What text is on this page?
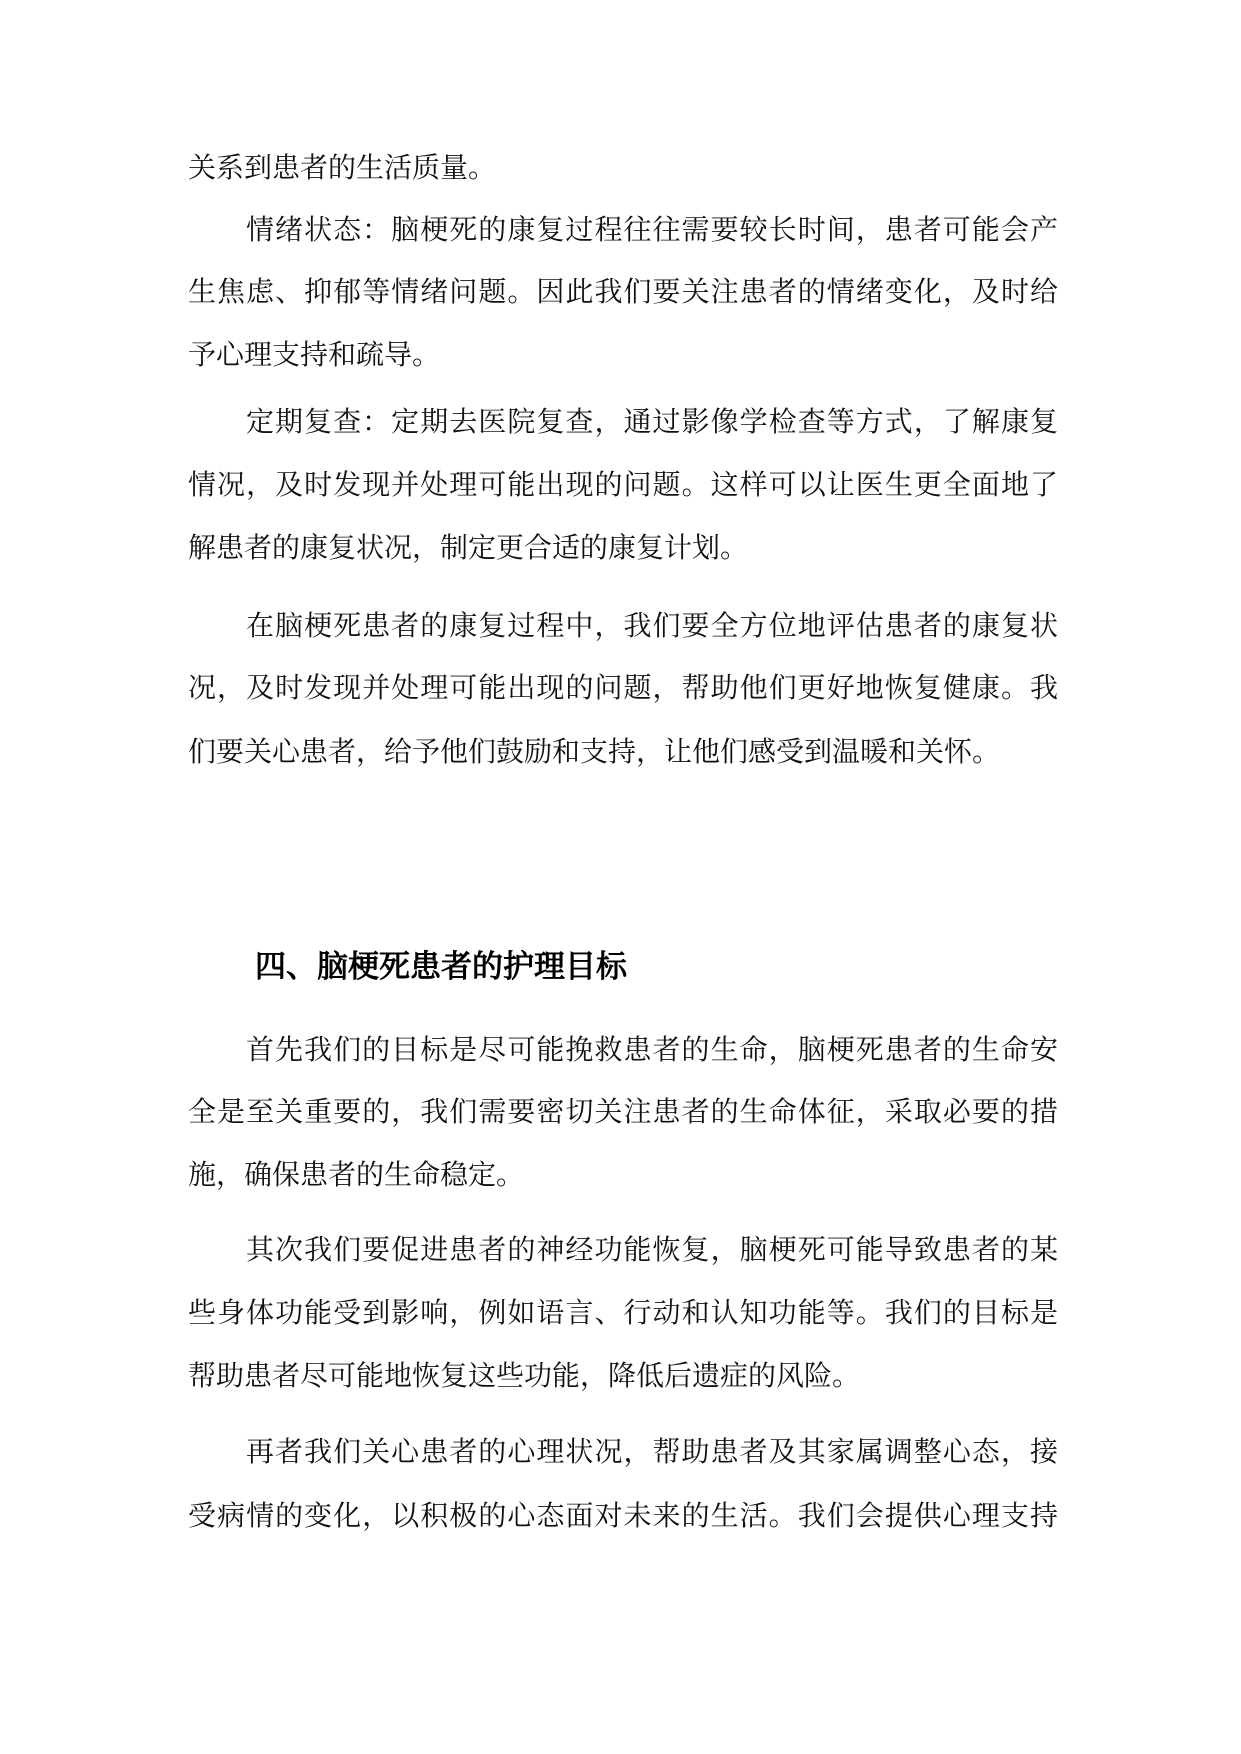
关系到患者的生活质量。
情绪状态：脑梗死的康复过程往往需要较长时间，患者可能会产
生焦虑、抑郁等情绪问题。因此我们要关注患者的情绪变化，及时给
予心理支持和疏导。
定期复查：定期去医院复查，通过影像学检查等方式，了解康复
情况，及时发现并处理可能出现的问题。这样可以让医生更全面地了
解患者的康复状况，制定更合适的康复计划。
在脑梗死患者的康复过程中，我们要全方位地评估患者的康复状
况，及时发现并处理可能出现的问题，帮助他们更好地恢复健康。我
们要关心患者，给予他们鼓励和支持，让他们感受到温暖和关怀。
四、脑梗死患者的护理目标
首先我们的目标是尽可能挽救患者的生命，脑梗死患者的生命安
全是至关重要的，我们需要密切关注患者的生命体征，采取必要的措
施，确保患者的生命稳定。
其次我们要促进患者的神经功能恢复，脑梗死可能导致患者的某
些身体功能受到影响，例如语言、行动和认知功能等。我们的目标是
帮助患者尽可能地恢复这些功能，降低后遗症的风险。
再者我们关心患者的心理状况，帮助患者及其家属调整心态，接
受病情的变化，以积极的心态面对未来的生活。我们会提供心理支持
